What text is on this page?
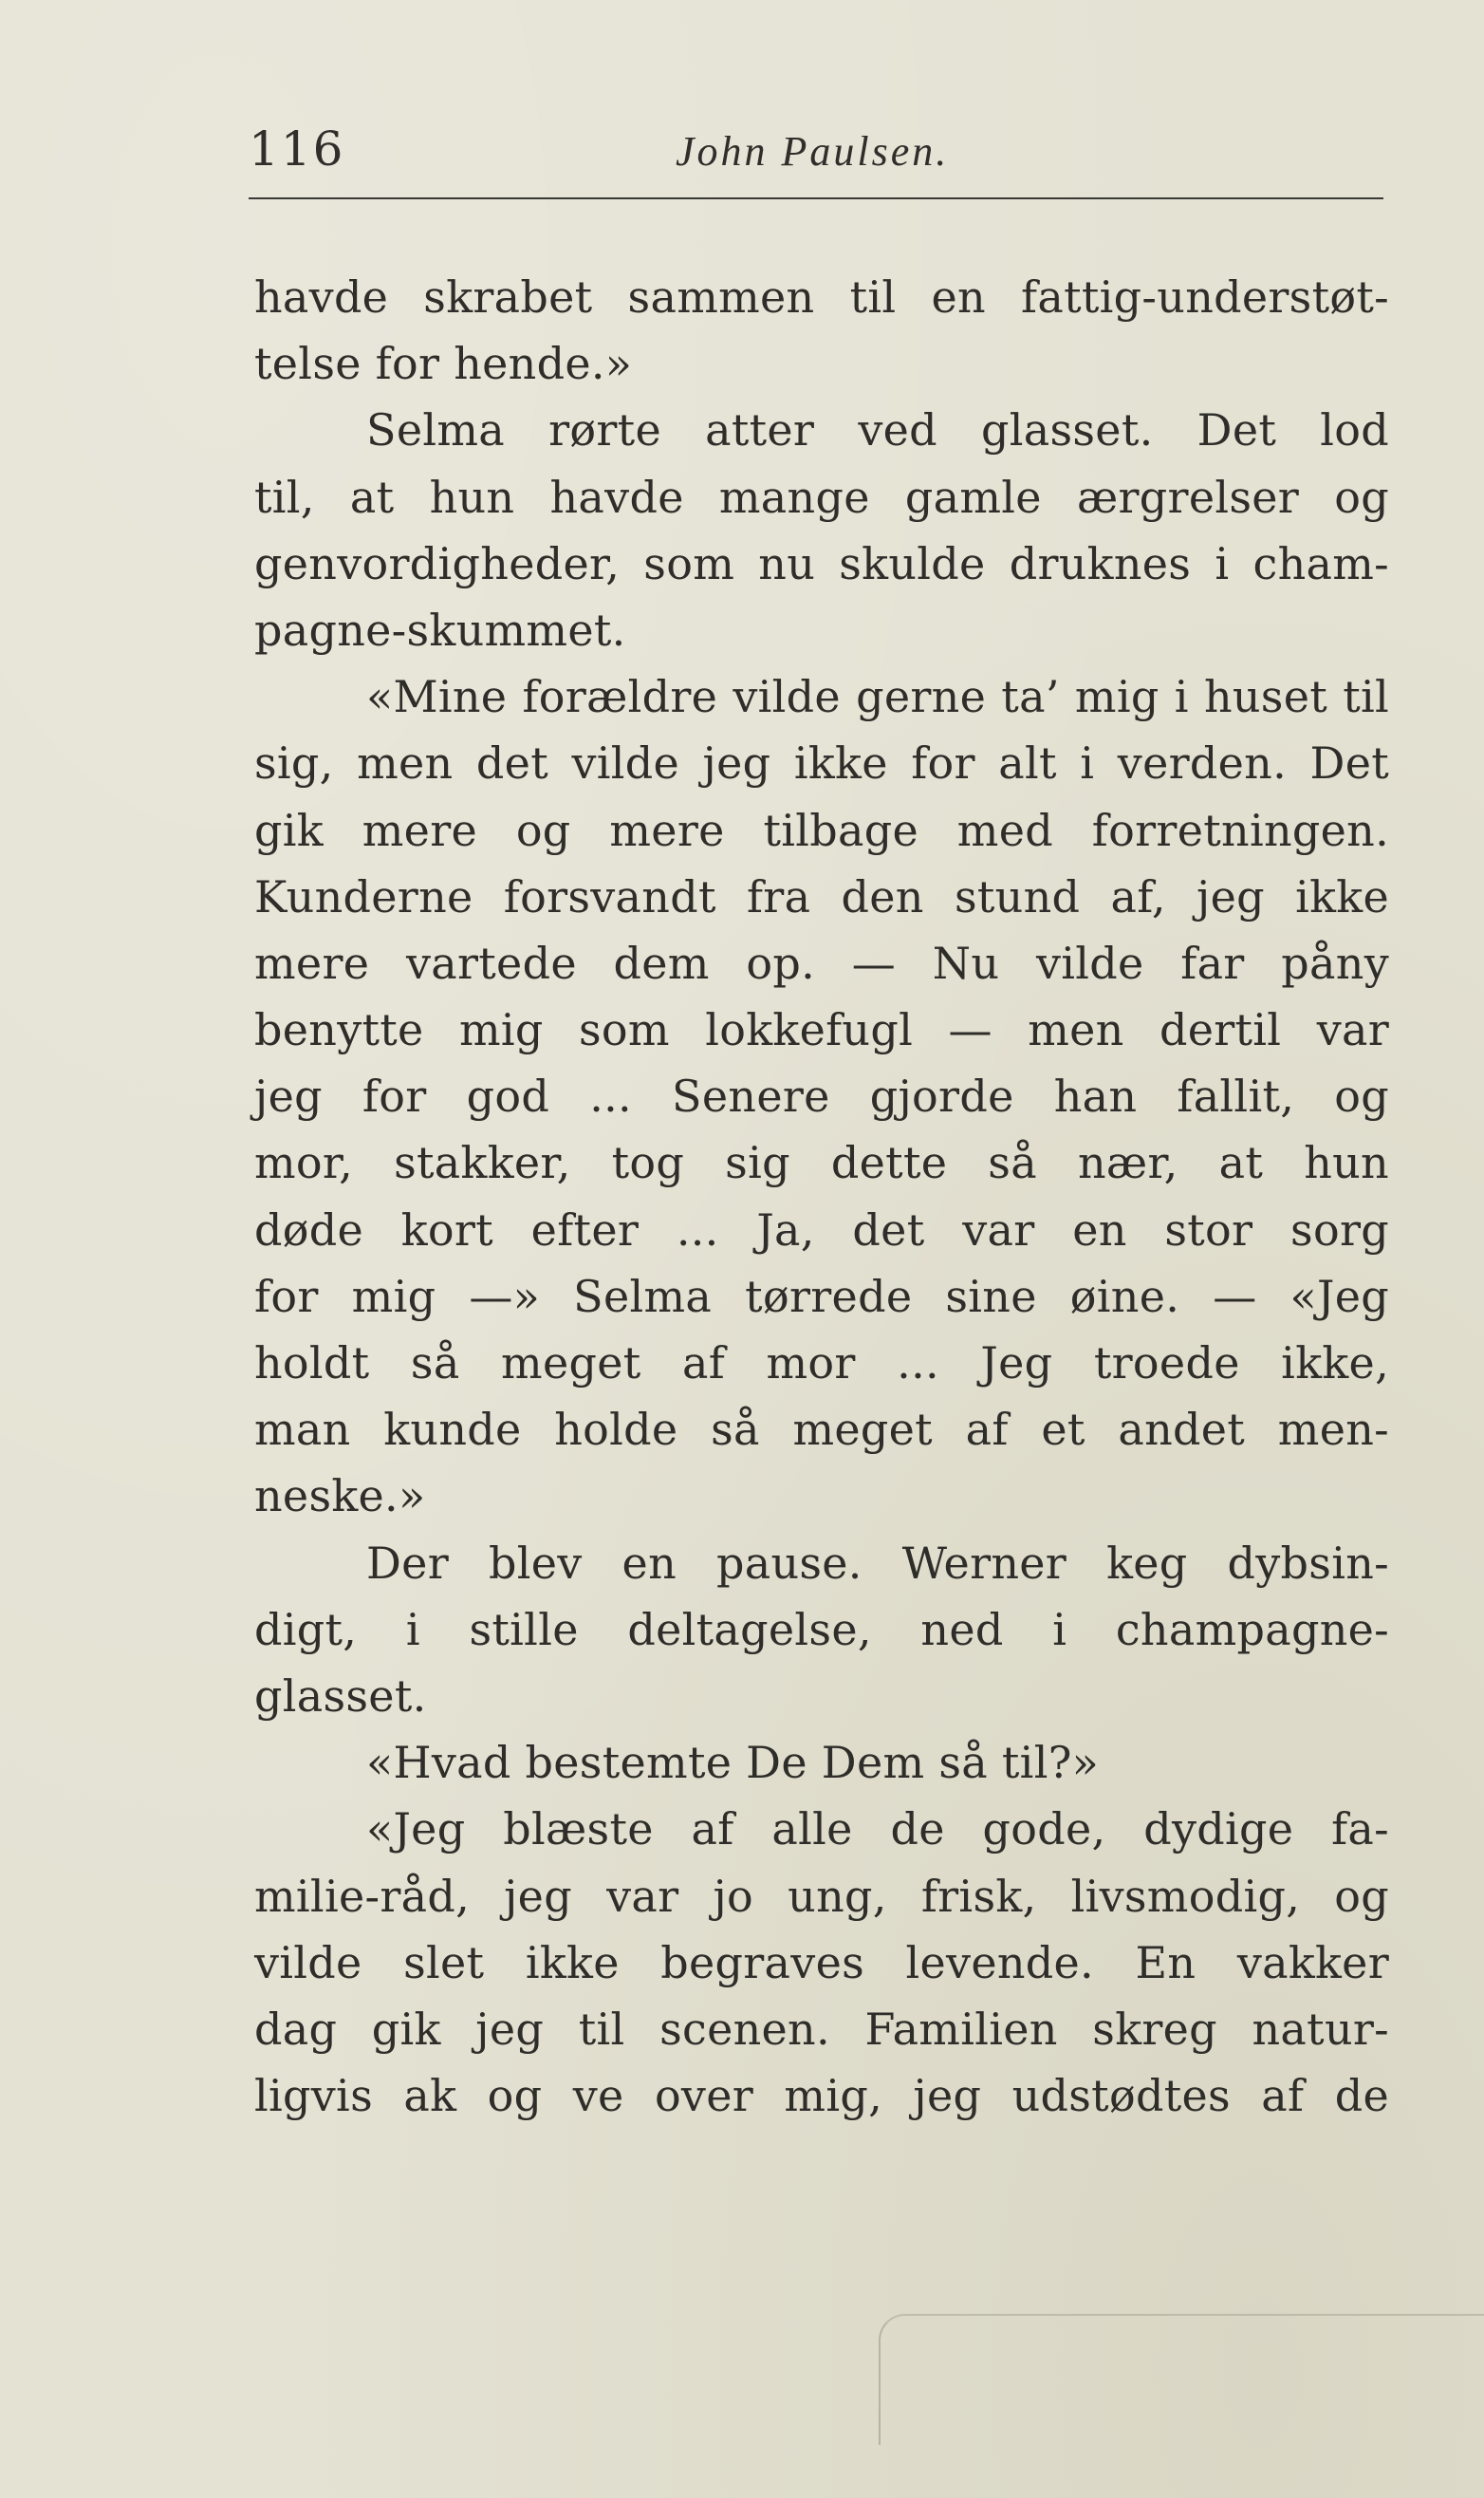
116	John Paulsen.
havde skrabet sammen til en fattig-understøt-
telse for hende.»
Selma rørte atter ved glasset. Det lod
til, at hun havde mange gamle ærgrelser og
genvordigheder, som nu skulde druknes i cham-
pagne-skummet.
«Mine forældre vilde gerne ta’ mig i huset til
sig, men det vilde jeg ikke for alt i verden. Det
gik mere og mere tilbage med forretningen.
Kunderne forsvandt fra den stund af, jeg ikke
mere vartede dem op. — Nu vilde far påny
benytte mig som lokkefugl — men dertil var
jeg for god ... Senere gjorde han fallit, og
mor, stakker, tog sig dette så nær, at hun
døde kort efter ... Ja, det var en stor sorg
for mig —» Selma tørrede sine øine. — «Jeg
holdt så meget af mor ... Jeg troede ikke,
man kunde holde så meget af et andet men-
neske.»
Der blev en pause. Werner keg dybsin-
digt, i stille deltagelse, ned i champagne-
glasset.
«Hvad bestemte De Dem så til?»
«Jeg blæste af alle de gode, dydige fa-
milie-råd, jeg var jo ung, frisk, livsmodig, og
vilde slet ikke begraves levende. En vakker
dag gik jeg til scenen. Familien skreg natur-
ligvis ak og ve over mig, jeg udstødtes af de
